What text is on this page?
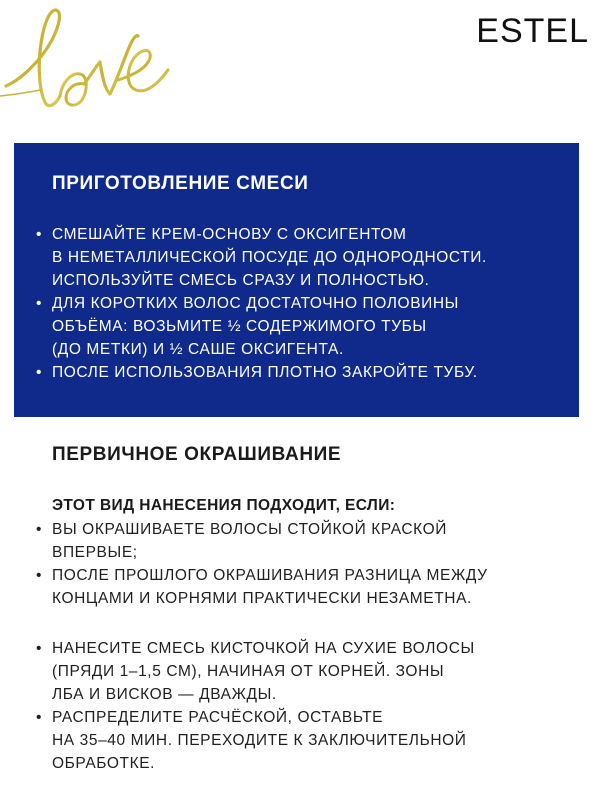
ESTEL
ПРИГОТОВЛЕНИЕ СМЕСИ
• СМЕШАЙТЕ КРЕМ-ОСНОВУ С ОКСИГЕНТОМ
В НЕМЕТАЛЛИЧЕСКОЙ ПОСУДЕ ДО ОДНОРОДНОСТИ.
ИСПОЛЬЗУЙТЕ СМЕСЬ СРАЗУ И ПОЛНОСТЬЮ.
• ДЛЯ КОРОТКИХ ВОЛОС ДОСТАТОЧНО ПОЛОВИНЫ
ОБЪЁМА: ВОЗЬМИТЕ ½ СОДЕРЖИМОГО ТУБЫ
(ДО МЕТКИ) И ½ САШЕ ОКСИГЕНТА.
• ПОСЛЕ ИСПОЛЬЗОВАНИЯ ПЛОТНО ЗАКРОЙТЕ ТУБУ.
ПЕРВИЧНОЕ ОКРАШИВАНИЕ
ЭТОТ ВИД НАНЕСЕНИЯ ПОДХОДИТ, ЕСЛИ:
• ВЫ ОКРАШИВАЕТЕ ВОЛОСЫ СТОЙКОЙ КРАСКОЙ
ВПЕРВЫЕ;
• ПОСЛЕ ПРОШЛОГО ОКРАШИВАНИЯ РАЗНИЦА МЕЖДУ
КОНЦАМИ И КОРНЯМИ ПРАКТИЧЕСКИ НЕЗАМЕТНА.
• НАНЕСИТЕ СМЕСЬ КИСТОЧКОЙ НА СУХИЕ ВОЛОСЫ
(ПРЯДИ 1–1,5 СМ), НАЧИНАЯ ОТ КОРНЕЙ. ЗОНЫ
ЛБА И ВИСКОВ — ДВАЖДЫ.
• РАСПРЕДЕЛИТЕ РАСЧЁСКОЙ, ОСТАВЬТЕ
НА 35–40 МИН. ПЕРЕХОДИТЕ К ЗАКЛЮЧИТЕЛЬНОЙ
ОБРАБОТКЕ.
